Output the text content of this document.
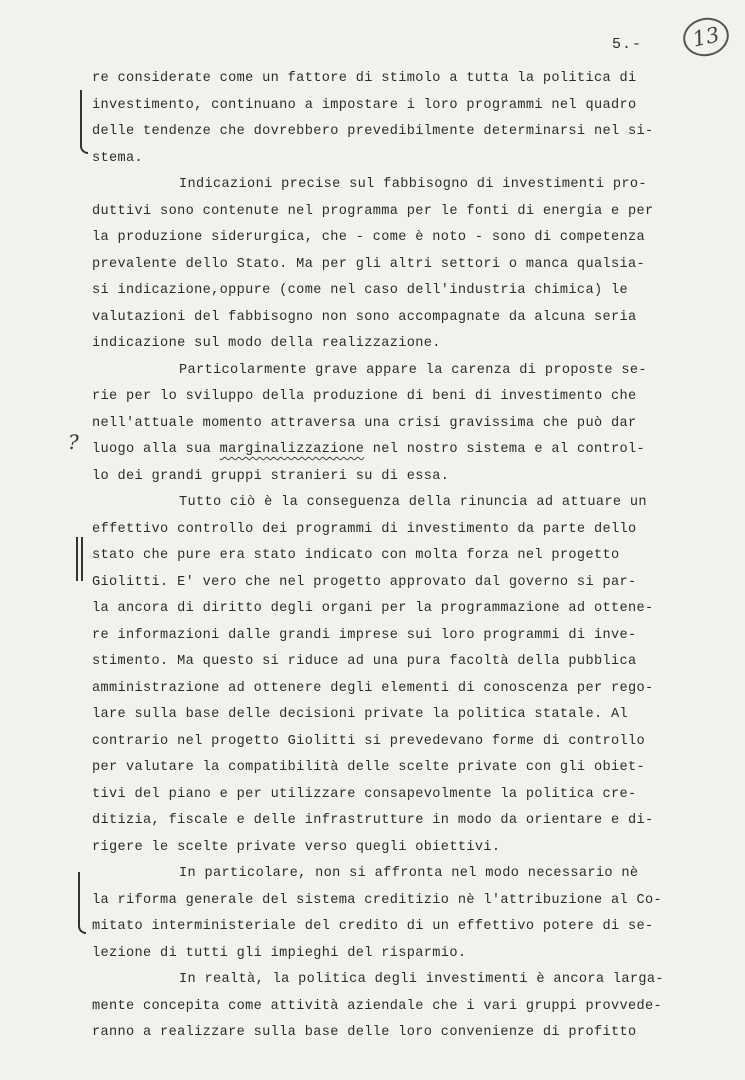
5.-	13
?
re considerate come un fattore di stimolo a tutta la politica di
investimento, continuano a impostare i loro programmi nel quadro
delle tendenze che dovrebbero prevedibilmente determinarsi nel si-
stema.
Indicazioni precise sul fabbisogno di investimenti pro-
duttivi sono contenute nel programma per le fonti di energia e per
la produzione siderurgica, che - come è noto - sono di competenza
prevalente dello Stato. Ma per gli altri settori o manca qualsia-
si indicazione,oppure (come nel caso dell'industria chimica) le
valutazioni del fabbisogno non sono accompagnate da alcuna seria
indicazione sul modo della realizzazione.
Particolarmente grave appare la carenza di proposte se-
rie per lo sviluppo della produzione di beni di investimento che
nell'attuale momento attraversa una crisi gravissima che può dar
luogo alla sua marginalizzazione nel nostro sistema e al control-
lo dei grandi gruppi stranieri su di essa.
Tutto ciò è la conseguenza della rinuncia ad attuare un
effettivo controllo dei programmi di investimento da parte dello
stato che pure era stato indicato con molta forza nel progetto
Giolitti. E' vero che nel progetto approvato dal governo si par-
la ancora di diritto degli organi per la programmazione ad ottene-
re informazioni dalle grandi imprese sui loro programmi di inve-
stimento. Ma questo si riduce ad una pura facoltà della pubblica
amministrazione ad ottenere degli elementi di conoscenza per rego-
lare sulla base delle decisioni private la politica statale. Al
contrario nel progetto Giolitti si prevedevano forme di controllo
per valutare la compatibilità delle scelte private con gli obiet-
tivi del piano e per utilizzare consapevolmente la politica cre-
ditizia, fiscale e delle infrastrutture in modo da orientare e di-
rigere le scelte private verso quegli obiettivi.
In particolare, non si affronta nel modo necessario nè
la riforma generale del sistema creditizio nè l'attribuzione al Co-
mitato interministeriale del credito di un effettivo potere di se-
lezione di tutti gli impieghi del risparmio.
In realtà, la politica degli investimenti è ancora larga-
mente concepita come attività aziendale che i vari gruppi provvede-
ranno a realizzare sulla base delle loro convenienze di profitto
